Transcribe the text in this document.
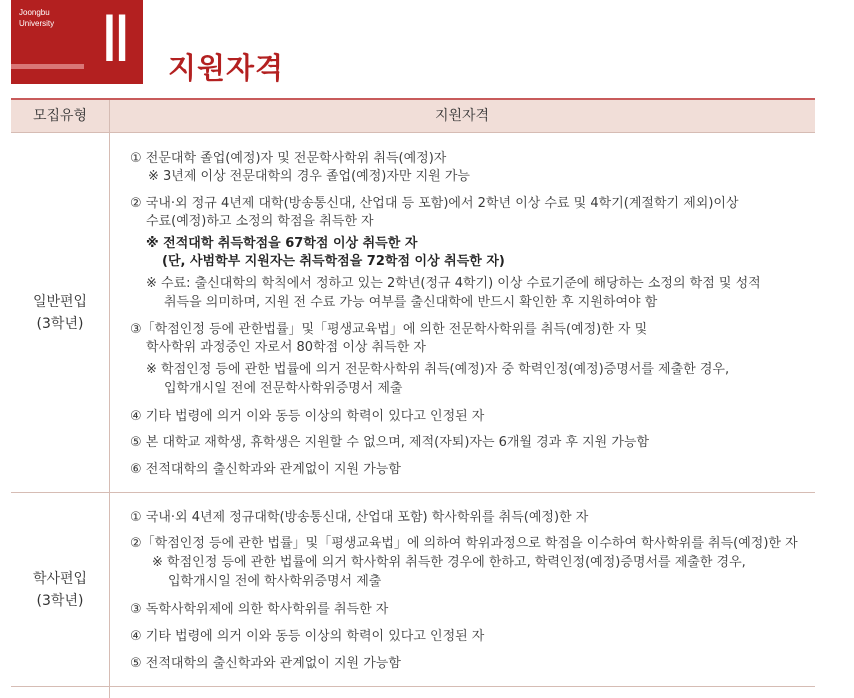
Joongbu
University Ⅱ 지원자격
모집유형	지원자격
일반편입
(3학년)
① 전문대학 졸업(예정)자 및 전문학사학위 취득(예정)자
※ 3년제 이상 전문대학의 경우 졸업(예정)자만 지원 가능
② 국내·외 정규 4년제 대학(방송통신대, 산업대 등 포함)에서 2학년 이상 수료 및 4학기(계절학기 제외)이상
수료(예정)하고 소정의 학점을 취득한 자
※ 전적대학 취득학점을 67학점 이상 취득한 자
(단, 사범학부 지원자는 취득학점을 72학점 이상 취득한 자)
※ 수료: 출신대학의 학칙에서 정하고 있는 2학년(정규 4학기) 이상 수료기준에 해당하는 소정의 학점 및 성적
취득을 의미하며, 지원 전 수료 가능 여부를 출신대학에 반드시 확인한 후 지원하여야 함
③「학점인정 등에 관한법률」및「평생교육법」에 의한 전문학사학위를 취득(예정)한 자 및
학사학위 과정중인 자로서 80학점 이상 취득한 자
※ 학점인정 등에 관한 법률에 의거 전문학사학위 취득(예정)자 중 학력인정(예정)증명서를 제출한 경우,
입학개시일 전에 전문학사학위증명서 제출
④ 기타 법령에 의거 이와 동등 이상의 학력이 있다고 인정된 자
⑤ 본 대학교 재학생, 휴학생은 지원할 수 없으며, 제적(자퇴)자는 6개월 경과 후 지원 가능함
⑥ 전적대학의 출신학과와 관계없이 지원 가능함
학사편입
(3학년)
① 국내·외 4년제 정규대학(방송통신대, 산업대 포함) 학사학위를 취득(예정)한 자
②「학점인정 등에 관한 법률」및「평생교육법」에 의하여 학위과정으로 학점을 이수하여 학사학위를 취득(예정)한 자
※ 학점인정 등에 관한 법률에 의거 학사학위 취득한 경우에 한하고, 학력인정(예정)증명서를 제출한 경우,
입학개시일 전에 학사학위증명서 제출
③ 독학사학위제에 의한 학사학위를 취득한 자
④ 기타 법령에 의거 이와 동등 이상의 학력이 있다고 인정된 자
⑤ 전적대학의 출신학과와 관계없이 지원 가능함
